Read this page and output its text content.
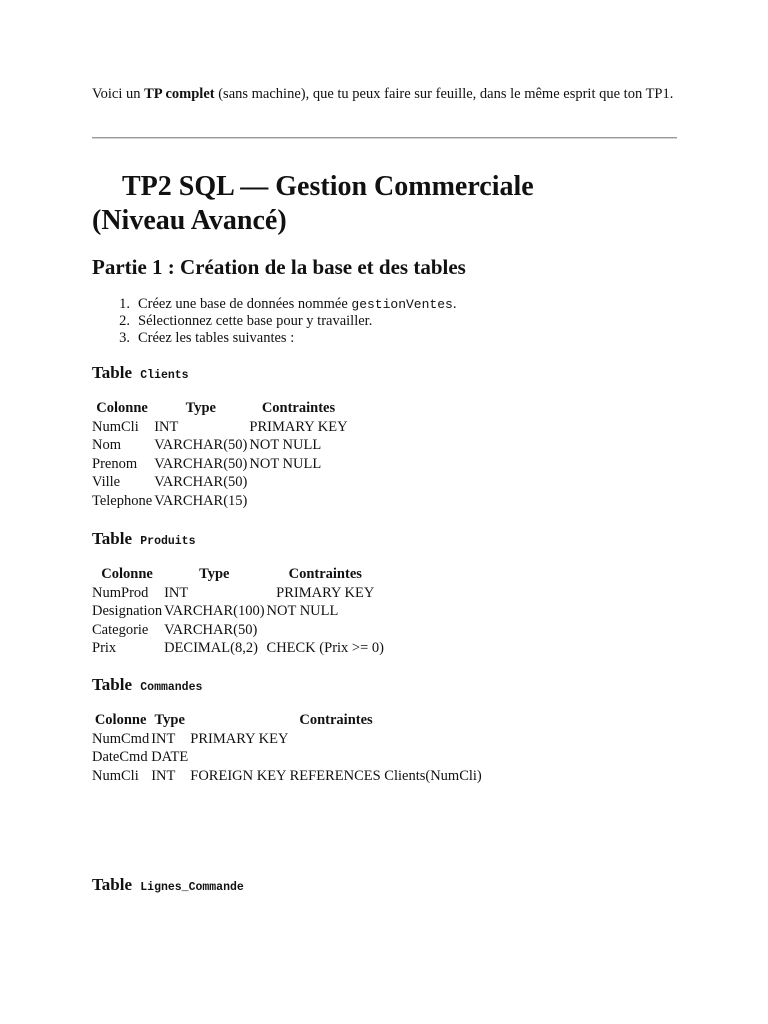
Voici un TP complet (sans machine), que tu peux faire sur feuille, dans le même esprit que ton TP1.
TP2 SQL — Gestion Commerciale
(Niveau Avancé)
Partie 1 : Création de la base et des tables
1. Créez une base de données nommée gestionVentes.
2. Sélectionnez cette base pour y travailler.
3. Créez les tables suivantes :
Table Clients
Colonne	Type	Contraintes
NumCli	INT	PRIMARY KEY
Nom	VARCHAR(50)	NOT NULL
Prenom	VARCHAR(50)	NOT NULL
Ville	VARCHAR(50)	
Telephone	VARCHAR(15)	
Table Produits
Colonne	Type	Contraintes
NumProd	INT	PRIMARY KEY
Designation	VARCHAR(100)	NOT NULL
Categorie	VARCHAR(50)	
Prix	DECIMAL(8,2)	CHECK (Prix >= 0)
Table Commandes
Colonne	Type	Contraintes
NumCmd	INT	PRIMARY KEY
DateCmd	DATE	
NumCli	INT	FOREIGN KEY REFERENCES Clients(NumCli)
Table Lignes_Commande
